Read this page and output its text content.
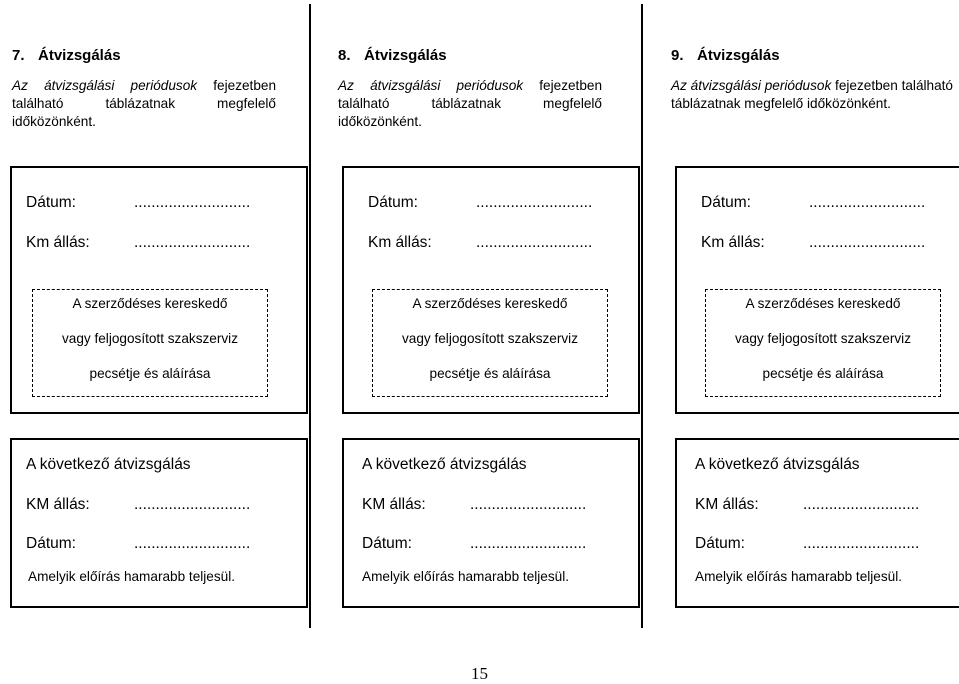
7. Átvizsgálás
Az átvizsgálási periódusok fejezetben található táblázatnak megfelelő időközönként.
Dátum:	...........................
Km állás:	...........................
A szerződéses kereskedő
vagy feljogosított szakszerviz
pecsétje és aláírása
A következő átvizsgálás
KM állás:	...........................
Dátum:	...........................
Amelyik előírás hamarabb teljesül.
8. Átvizsgálás
Az átvizsgálási periódusok fejezetben található táblázatnak megfelelő időközönként.
Dátum:	...........................
Km állás:	...........................
A szerződéses kereskedő
vagy feljogosított szakszerviz
pecsétje és aláírása
A következő átvizsgálás
KM állás:	...........................
Dátum:	...........................
Amelyik előírás hamarabb teljesül.
9. Átvizsgálás
Az átvizsgálási periódusok fejezetben található táblázatnak megfelelő időközönként.
Dátum:	...........................
Km állás:	...........................
A szerződéses kereskedő
vagy feljogosított szakszerviz
pecsétje és aláírása
A következő átvizsgálás
KM állás:	...........................
Dátum:	...........................
Amelyik előírás hamarabb teljesül.
15
